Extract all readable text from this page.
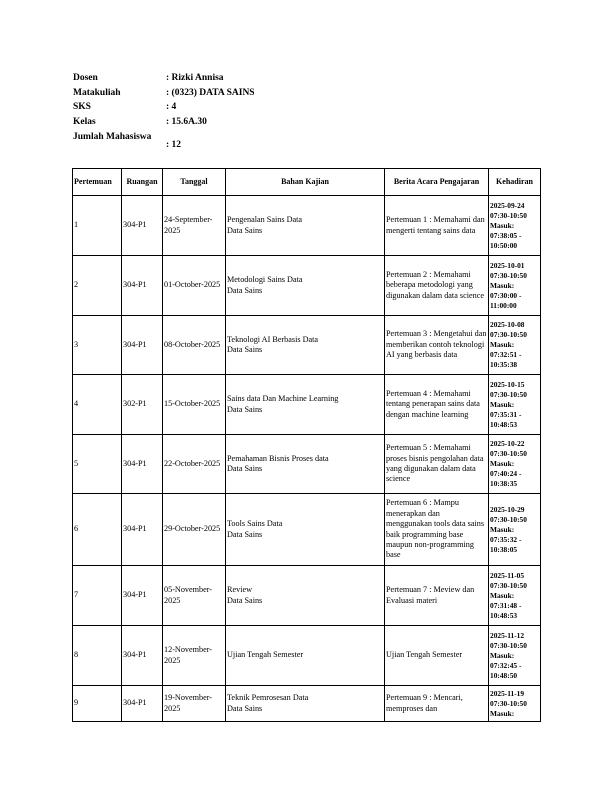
Dosen	: Rizki Annisa
Matakuliah	: (0323) DATA SAINS
SKS	: 4
Kelas	: 15.6A.30
Jumlah Mahasiswa
: 12
Pertemuan	Ruangan	Tanggal	Bahan Kajian	Berita Acara Pengajaran	Kehadiran
1	304-P1	24-September-2025	Pengenalan Sains Data
Data Sains	Pertemuan 1 : Memahami dan mengerti tentang sains data	2025-09-24
07:30-10:50
Masuk:
07:38:05 -
10:50:00
2	304-P1	01-October-2025	Metodologi Sains Data
Data Sains	Pertemuan 2 : Memahami beberapa metodologi yang digunakan dalam data science	2025-10-01
07:30-10:50
Masuk:
07:30:00 -
11:00:00
3	304-P1	08-October-2025	Teknologi AI Berbasis Data
Data Sains	Pertemuan 3 : Mengetahui dan memberikan contoh teknologi AI yang berbasis data	2025-10-08
07:30-10:50
Masuk:
07:32:51 -
10:35:38
4	302-P1	15-October-2025	Sains data Dan Machine Learning
Data Sains	Pertemuan 4 : Memahami tentang penerapan sains data dengan machine learning	2025-10-15
07:30-10:50
Masuk:
07:35:31 -
10:48:53
5	304-P1	22-October-2025	Pemahaman Bisnis Proses data
Data Sains	Pertemuan 5 : Memahami proses bisnis pengolahan data yang digunakan dalam data science	2025-10-22
07:30-10:50
Masuk:
07:40:24 -
10:38:35
6	304-P1	29-October-2025	Tools Sains Data
Data Sains	Pertemuan 6 : Mampu menerapkan dan menggunakan tools data sains baik programming base maupun non-programming base	2025-10-29
07:30-10:50
Masuk:
07:35:32 -
10:38:05
7	304-P1	05-November-2025	Review
Data Sains	Pertemuan 7 : Meview dan Evaluasi materi	2025-11-05
07:30-10:50
Masuk:
07:31:48 -
10:48:53
8	304-P1	12-November-2025	Ujian Tengah Semester	Ujian Tengah Semester	2025-11-12
07:30-10:50
Masuk:
07:32:45 -
10:48:50
9	304-P1	19-November-2025	Teknik Pemrosesan Data
Data Sains	Pertemuan 9 : Mencari, memproses dan	2025-11-19
07:30-10:50
Masuk:
